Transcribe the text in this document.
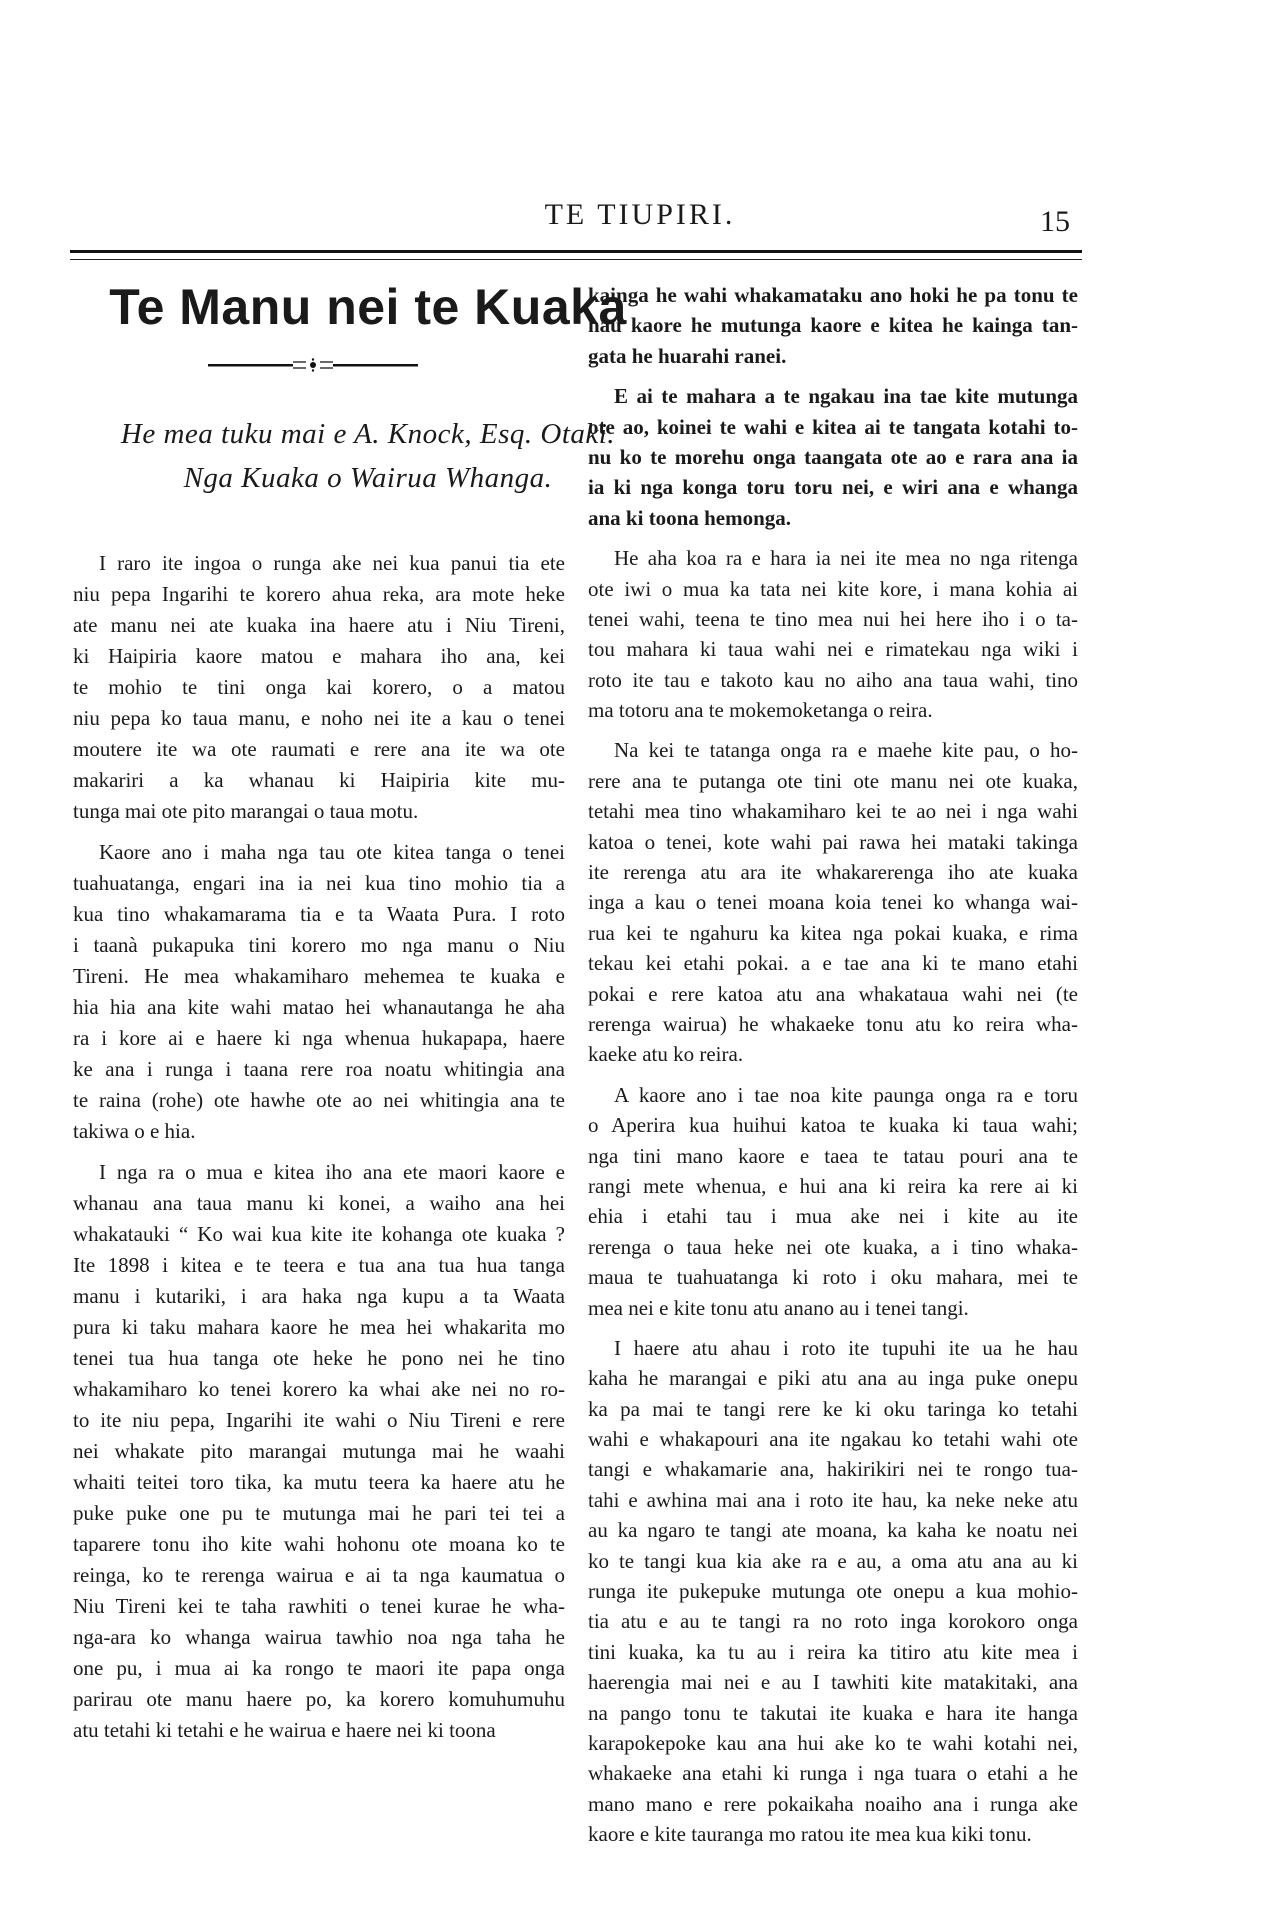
TE TIUPIRI.	15
Te Manu nei te Kuaka
He mea tuku mai e A. Knock, Esq. Otaki.
Nga Kuaka o Wairua Whanga.
I raro ite ingoa o runga ake nei kua panui tia ete
niu pepa Ingarihi te korero ahua reka, ara mote heke
ate manu nei ate kuaka ina haere atu i Niu Tireni,
ki Haipiria kaore matou e mahara iho ana, kei
te mohio te tini onga kai korero, o a matou
niu pepa ko taua manu, e noho nei ite a kau o tenei
moutere ite wa ote raumati e rere ana ite wa ote
makariri a ka whanau ki Haipiria kite mu-
tunga mai ote pito marangai o taua motu.
Kaore ano i maha nga tau ote kitea tanga o tenei
tuahuatanga, engari ina ia nei kua tino mohio tia a
kua tino whakamarama tia e ta Waata Pura. I roto
i taanà pukapuka tini korero mo nga manu o Niu
Tireni. He mea whakamiharo mehemea te kuaka e
hia hia ana kite wahi matao hei whanautanga he aha
ra i kore ai e haere ki nga whenua hukapapa, haere
ke ana i runga i taana rere roa noatu whitingia ana
te raina (rohe) ote hawhe ote ao nei whitingia ana te
takiwa o e hia.
I nga ra o mua e kitea iho ana ete maori kaore e
whanau ana taua manu ki konei, a waiho ana hei
whakatauki “ Ko wai kua kite ite kohanga ote kuaka ?
Ite 1898 i kitea e te teera e tua ana tua hua tanga
manu i kutariki, i ara haka nga kupu a ta Waata
pura ki taku mahara kaore he mea hei whakarita mo
tenei tua hua tanga ote heke he pono nei he tino
whakamiharo ko tenei korero ka whai ake nei no ro-
to ite niu pepa, Ingarihi ite wahi o Niu Tireni e rere
nei whakate pito marangai mutunga mai he waahi
whaiti teitei toro tika, ka mutu teera ka haere atu he
puke puke one pu te mutunga mai he pari tei tei a
taparere tonu iho kite wahi hohonu ote moana ko te
reinga, ko te rerenga wairua e ai ta nga kaumatua o
Niu Tireni kei te taha rawhiti o tenei kurae he wha-
nga-ara ko whanga wairua tawhio noa nga taha he
one pu, i mua ai ka rongo te maori ite papa onga
parirau ote manu haere po, ka korero komuhumuhu
atu tetahi ki tetahi e he wairua e haere nei ki toona
kainga he wahi whakamataku ano hoki he pa tonu te
hau kaore he mutunga kaore e kitea he kainga tan-
gata he huarahi ranei.
E ai te mahara a te ngakau ina tae kite mutunga
ote ao, koinei te wahi e kitea ai te tangata kotahi to-
nu ko te morehu onga taangata ote ao e rara ana ia
ia ki nga konga toru toru nei, e wiri ana e whanga
ana ki toona hemonga.
He aha koa ra e hara ia nei ite mea no nga ritenga
ote iwi o mua ka tata nei kite kore, i mana kohia ai
tenei wahi, teena te tino mea nui hei here iho i o ta-
tou mahara ki taua wahi nei e rimatekau nga wiki i
roto ite tau e takoto kau no aiho ana taua wahi, tino
ma totoru ana te mokemoketanga o reira.
Na kei te tatanga onga ra e maehe kite pau, o ho-
rere ana te putanga ote tini ote manu nei ote kuaka,
tetahi mea tino whakamiharo kei te ao nei i nga wahi
katoa o tenei, kote wahi pai rawa hei mataki takinga
ite rerenga atu ara ite whakarerenga iho ate kuaka
inga a kau o tenei moana koia tenei ko whanga wai-
rua kei te ngahuru ka kitea nga pokai kuaka, e rima
tekau kei etahi pokai. a e tae ana ki te mano etahi
pokai e rere katoa atu ana whakataua wahi nei (te
rerenga wairua) he whakaeke tonu atu ko reira wha-
kaeke atu ko reira.
A kaore ano i tae noa kite paunga onga ra e toru
o Aperira kua huihui katoa te kuaka ki taua wahi;
nga tini mano kaore e taea te tatau pouri ana te
rangi mete whenua, e hui ana ki reira ka rere ai ki
ehia i etahi tau i mua ake nei i kite au ite
rerenga o taua heke nei ote kuaka, a i tino whaka-
maua te tuahuatanga ki roto i oku mahara, mei te
mea nei e kite tonu atu anano au i tenei tangi.
I haere atu ahau i roto ite tupuhi ite ua he hau
kaha he marangai e piki atu ana au inga puke onepu
ka pa mai te tangi rere ke ki oku taringa ko tetahi
wahi e whakapouri ana ite ngakau ko tetahi wahi ote
tangi e whakamarie ana, hakirikiri nei te rongo tua-
tahi e awhina mai ana i roto ite hau, ka neke neke atu
au ka ngaro te tangi ate moana, ka kaha ke noatu nei
ko te tangi kua kia ake ra e au, a oma atu ana au ki
runga ite pukepuke mutunga ote onepu a kua mohio-
tia atu e au te tangi ra no roto inga korokoro onga
tini kuaka, ka tu au i reira ka titiro atu kite mea i
haerengia mai nei e au I tawhiti kite matakitaki, ana
na pango tonu te takutai ite kuaka e hara ite hanga
karapokepoke kau ana hui ake ko te wahi kotahi nei,
whakaeke ana etahi ki runga i nga tuara o etahi a he
mano mano e rere pokaikaha noaiho ana i runga ake
kaore e kite tauranga mo ratou ite mea kua kiki tonu.
